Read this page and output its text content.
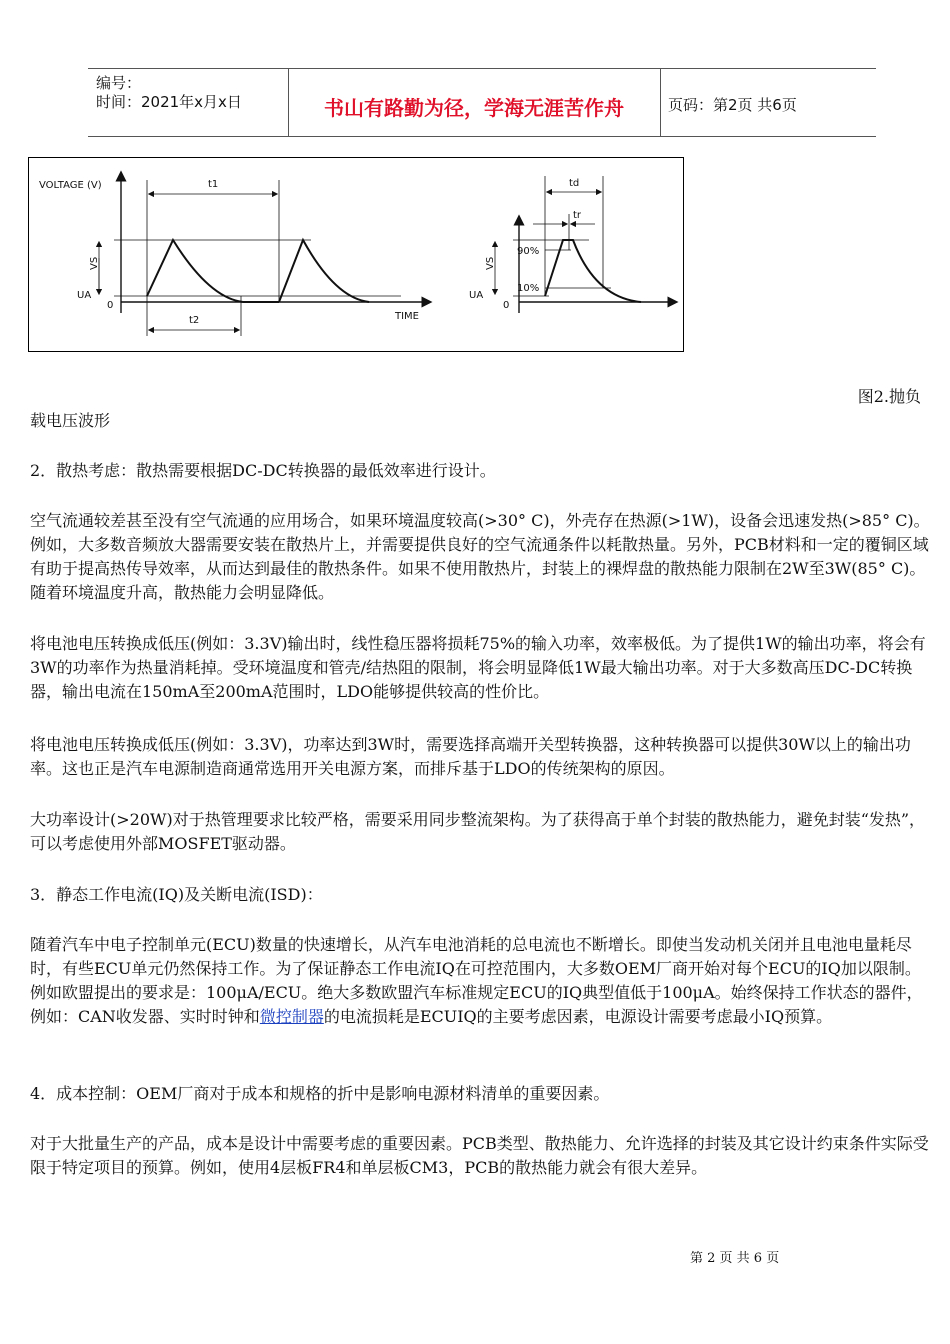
编号：
时间：2021年x月x日	书山有路勤为径，学海无涯苦作舟	页码：第2页 共6页
VOLTAGE (V)
TIME
VS
UA
0
t1
t2
VS
UA
0
90%
10%
td
tr
图2.抛负
载电压波形
2．散热考虑：散热需要根据DC-DC转换器的最低效率进行设计。
空气流通较差甚至没有空气流通的应用场合，如果环境温度较高(>30° C)，外壳存在热源(>1W)，设备会迅速发热(>85° C)。例如，大多数音频放大器需要安装在散热片上，并需要提供良好的空气流通条件以耗散热量。另外，PCB材料和一定的覆铜区域有助于提高热传导效率，从而达到最佳的散热条件。如果不使用散热片，封装上的裸焊盘的散热能力限制在2W至3W(85° C)。随着环境温度升高，散热能力会明显降低。
将电池电压转换成低压(例如：3.3V)输出时，线性稳压器将损耗75%的输入功率，效率极低。为了提供1W的输出功率，将会有3W的功率作为热量消耗掉。受环境温度和管壳/结热阻的限制，将会明显降低1W最大输出功率。对于大多数高压DC-DC转换器，输出电流在150mA至200mA范围时，LDO能够提供较高的性价比。
将电池电压转换成低压(例如：3.3V)，功率达到3W时，需要选择高端开关型转换器，这种转换器可以提供30W以上的输出功率。这也正是汽车电源制造商通常选用开关电源方案，而排斥基于LDO的传统架构的原因。
大功率设计(>20W)对于热管理要求比较严格，需要采用同步整流架构。为了获得高于单个封装的散热能力，避免封装“发热”，可以考虑使用外部MOSFET驱动器。
3．静态工作电流(IQ)及关断电流(ISD)：
随着汽车中电子控制单元(ECU)数量的快速增长，从汽车电池消耗的总电流也不断增长。即使当发动机关闭并且电池电量耗尽时，有些ECU单元仍然保持工作。为了保证静态工作电流IQ在可控范围内，大多数OEM厂商开始对每个ECU的IQ加以限制。例如欧盟提出的要求是：100μA/ECU。绝大多数欧盟汽车标准规定ECU的IQ典型值低于100μA。始终保持工作状态的器件，例如：CAN收发器、实时时钟和微控制器的电流损耗是ECUIQ的主要考虑因素，电源设计需要考虑最小IQ预算。
4．成本控制：OEM厂商对于成本和规格的折中是影响电源材料清单的重要因素。
对于大批量生产的产品，成本是设计中需要考虑的重要因素。PCB类型、散热能力、允许选择的封装及其它设计约束条件实际受限于特定项目的预算。例如，使用4层板FR4和单层板CM3，PCB的散热能力就会有很大差异。
第 2 页 共 6 页
